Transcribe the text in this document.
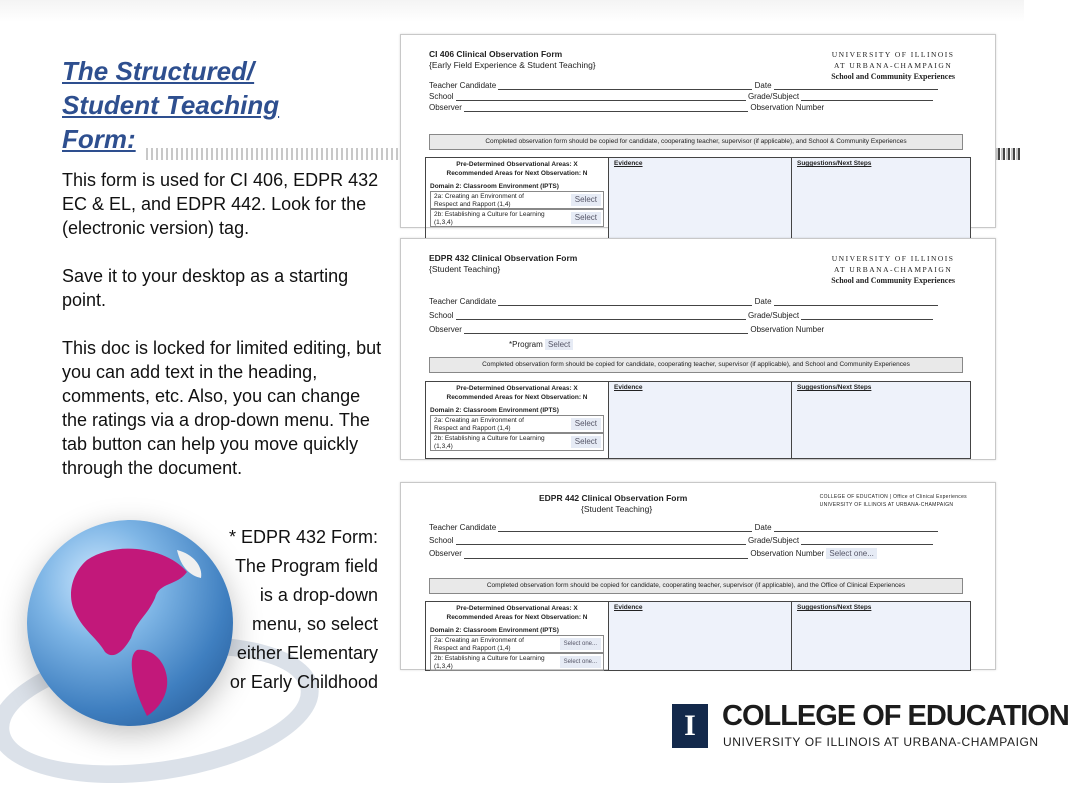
The Structured/
Student Teaching
Form:

This form is used for CI 406, EDPR 432 EC & EL, and EDPR 442. Look for the (electronic version) tag.

Save it to your desktop as a starting point.

This doc is locked for limited editing, but you can add text in the heading, comments, etc. Also, you can change the ratings via a drop-down menu. The tab button can help you move quickly through the document.

* EDPR 432 Form:
The Program field
is a drop-down
menu, so select
either Elementary
or Early Childhood
CI 406 Clinical Observation Form
{Early Field Experience & Student Teaching}
UNIVERSITY OF ILLINOIS
AT URBANA-CHAMPAIGN
School and Community Experiences
Teacher Candidate	Date
School	Grade/Subject
Observer	Observation Number
Completed observation form should be copied for candidate, cooperating teacher, supervisor (if applicable), and School & Community Experiences
Pre-Determined Observational Areas: X
Recommended Areas for Next Observation: N
Domain 2: Classroom Environment (IPTS)
2a: Creating an Environment of
Respect and Rapport (1,4)
Select
2b: Establishing a Culture for Learning
(1,3,4)
Select
Evidence	Suggestions/Next Steps
EDPR 432 Clinical Observation Form
{Student Teaching}
UNIVERSITY OF ILLINOIS
AT URBANA-CHAMPAIGN
School and Community Experiences
Teacher Candidate	Date
School	Grade/Subject
Observer	Observation Number
*Program Select
Completed observation form should be copied for candidate, cooperating teacher, supervisor (if applicable), and School and Community Experiences
Pre-Determined Observational Areas: X
Recommended Areas for Next Observation: N
Domain 2: Classroom Environment (IPTS)
2a: Creating an Environment of
Respect and Rapport (1,4)
Select
2b: Establishing a Culture for Learning
(1,3,4)
Select
Evidence	Suggestions/Next Steps
EDPR 442 Clinical Observation Form
{Student Teaching}
COLLEGE OF EDUCATION | Office of Clinical Experiences
UNIVERSITY OF ILLINOIS AT URBANA-CHAMPAIGN
Teacher Candidate	Date
School	Grade/Subject
Observer	Observation Number Select one...
Completed observation form should be copied for candidate, cooperating teacher, supervisor (if applicable), and the Office of Clinical Experiences
Pre-Determined Observational Areas: X
Recommended Areas for Next Observation: N
Domain 2: Classroom Environment (IPTS)
2a: Creating an Environment of
Respect and Rapport (1,4)
Select one...
2b: Establishing a Culture for Learning
(1,3,4)
Select one...
Evidence	Suggestions/Next Steps
I COLLEGE OF EDUCATION
UNIVERSITY OF ILLINOIS AT URBANA-CHAMPAIGN
